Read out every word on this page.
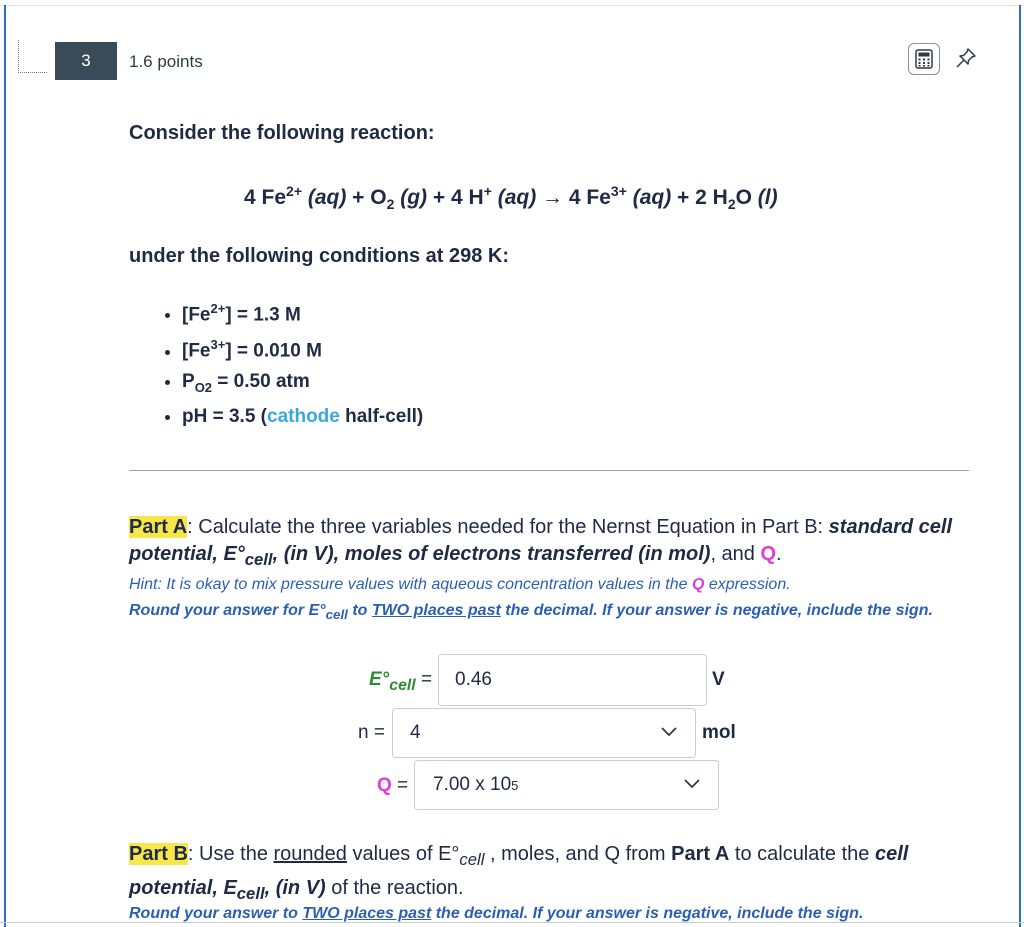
3	1.6 points
Consider the following reaction:
4 $Fe^{2+}$ $(aq) + O_2$ (g) + 4 H+ (aq) → 4 $Fe^{3+}$ (aq) + 2 $H_2O$ (l)
under the following conditions at 298 K:
• $[Fe^{2+}] = 1.3$ M
• $[Fe^{3+}] = 0.010$ M
• $P_{O2} = 0.50$ atm
• pH = 3.5 (cathode half-cell)
Part A: Calculate the three variables needed for the Nernst Equation in Part B: standard cell potential, $E^\circ_{cell}$, (in V), moles of electrons transferred (in mol), and Q.
Hint: It is okay to mix pressure values with aqueous concentration values in the Q expression.
Round your answer for $E^\circ_{cell}$ to TWO places past the decimal. If your answer is negative, include the sign.
$E^\circ_{cell} = 0.46$	V
n = 4	mol
Q = 7.00 x 10 5
Part B: Use the rounded values of $E^\circ_{cell}$ , moles, and Q from Part A to calculate the cell potential, $E_{cell}$, (in V) of the reaction.
Round your answer to TWO places past the decimal. If your answer is negative, include the sign.
